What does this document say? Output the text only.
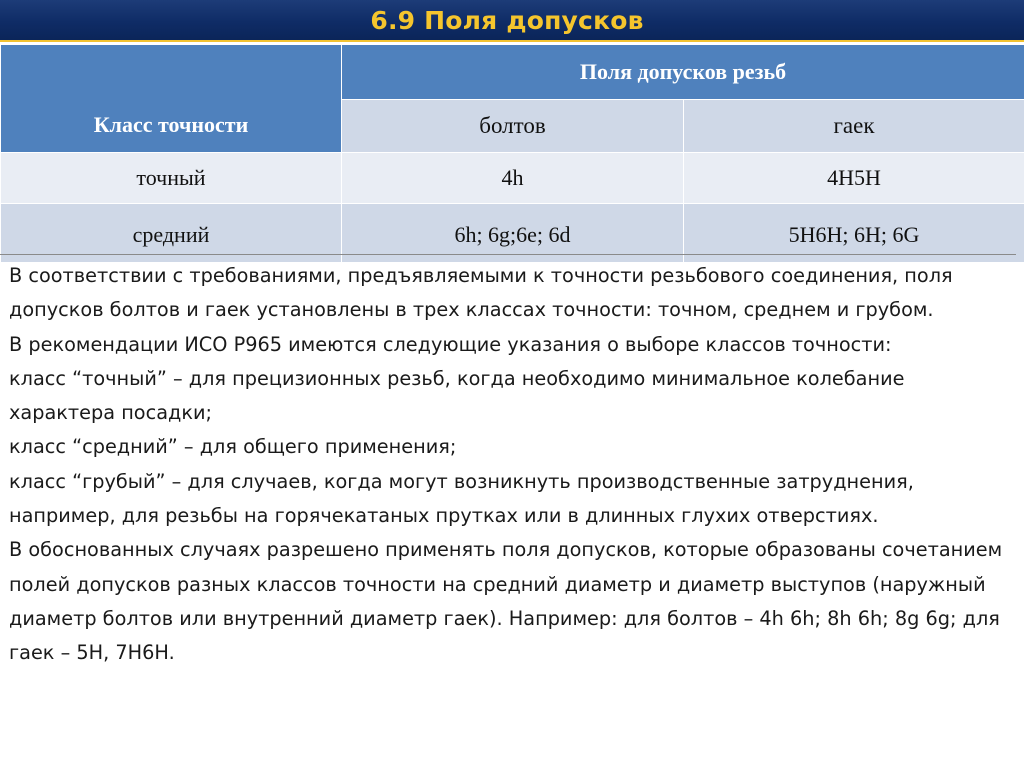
6.9 Поля допусков
Класс точности	Поля допусков резьб	
	болтов	гаек
точный	4h	4H5H
средний	6h; 6g;6e; 6d	5H6H; 6H; 6G

В соответствии с требованиями, предъявляемыми к точности резьбового соединения, поля допусков болтов и гаек установлены в трех классах точности: точном, среднем и грубом.

В рекомендации ИСО Р965 имеются следующие указания о выборе классов точности:

класс “точный” – для прецизионных резьб, когда необходимо минимальное колебание характера посадки;

класс “средний” – для общего применения;

класс “грубый” – для случаев, когда могут возникнуть производственные затруднения, например, для резьбы на горячекатаных прутках или в длинных глухих отверстиях.

В обоснованных случаях разрешено применять поля допусков, которые образованы сочетанием полей допусков разных классов точности на средний диаметр и диаметр выступов (наружный диаметр болтов или внутренний диаметр гаек). Например: для болтов – 4h 6h; 8h 6h; 8g 6g; для гаек – 5H, 7H6H.
